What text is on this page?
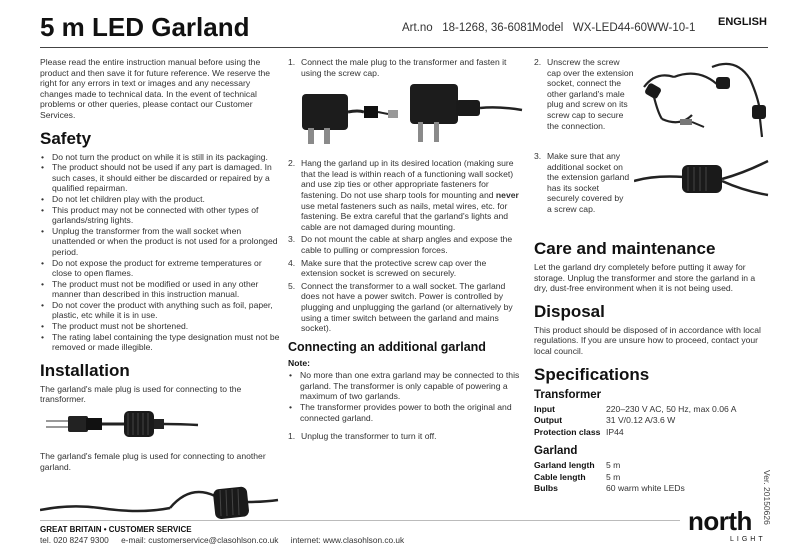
5 m LED Garland	Art.no   18-1268, 36-6081
Model   WX-LED44-60WW-10-1 ENGLISH

Please read the entire instruction manual before using the product and then save it for future reference. We reserve the right for any errors in text or images and any necessary changes made to technical data. In the event of technical problems or other queries, please contact our Customer Services.

Safety
• Do not turn the product on while it is still in its packaging.
• The product should not be used if any part is damaged. In such cases, it should either be discarded or repaired by a qualified repairman.
• Do not let children play with the product.
• This product may not be connected with other types of garlands/string lights.
• Unplug the transformer from the wall socket when unattended or when the product is not used for a prolonged period.
• Do not expose the product for extreme temperatures or close to open flames.
• The product must not be modified or used in any other manner than described in this instruction manual.
• Do not cover the product with anything such as foil, paper, plastic, etc while it is in use.
• The product must not be shortened.
• The rating label containing the type designation must not be removed or made illegible.
Installation

The garland's male plug is used for connecting to the transformer.

The garland's female plug is used for connecting to another garland.

1. Connect the male plug to the transformer and fasten it using the screw cap.
2. Hang the garland up in its desired location (making sure that the lead is within reach of a functioning wall socket) and use zip ties or other appropriate fasteners for fastening. Do not use sharp tools for mounting and never use metal fasteners such as nails, metal wires, etc. for fastening. Be extra careful that the garland's lights and cable are not damaged during mounting.
3. Do not mount the cable at sharp angles and expose the cable to pulling or compression forces.
4. Make sure that the protective screw cap over the extension socket is screwed on securely.
5. Connect the transformer to a wall socket. The garland does not have a power switch. Power is controlled by plugging and unplugging the garland (or alternatively by using a timer switch between the garland and mains socket).
Connecting an additional garland

Note:

• No more than one extra garland may be connected to this garland. The transformer is only capable of powering a maximum of two garlands.
• The transformer provides power to both the original and connected garland.
1. Unplug the transformer to turn it off.
2. Unscrew the screw cap over the extension socket, connect the other garland's male plug and screw on its screw cap to secure the connection.
3. Make sure that any additional socket on the extension garland has its socket securely covered by a screw cap.
Care and maintenance

Let the garland dry completely before putting it away for storage. Unplug the transformer and store the garland in a dry, dust-free environment when it is not being used.

Disposal

This product should be disposed of in accordance with local regulations. If you are unsure how to proceed, contact your local council.

Specifications
Transformer
Input	220–230 V AC, 50 Hz, max 0.06 A
Output	31 V/0.12 A/3.6 W
Protection class	IP44
Garland
Garland length	5 m
Cable length	5 m
Bulbs	60 warm white LEDs	Ver. 20150626
GREAT BRITAIN • CUSTOMER SERVICE
tel. 020 8247 9300 e-mail: customerservice@clasohlson.co.uk internet: www.clasohlson.co.uk
north
LIGHT
